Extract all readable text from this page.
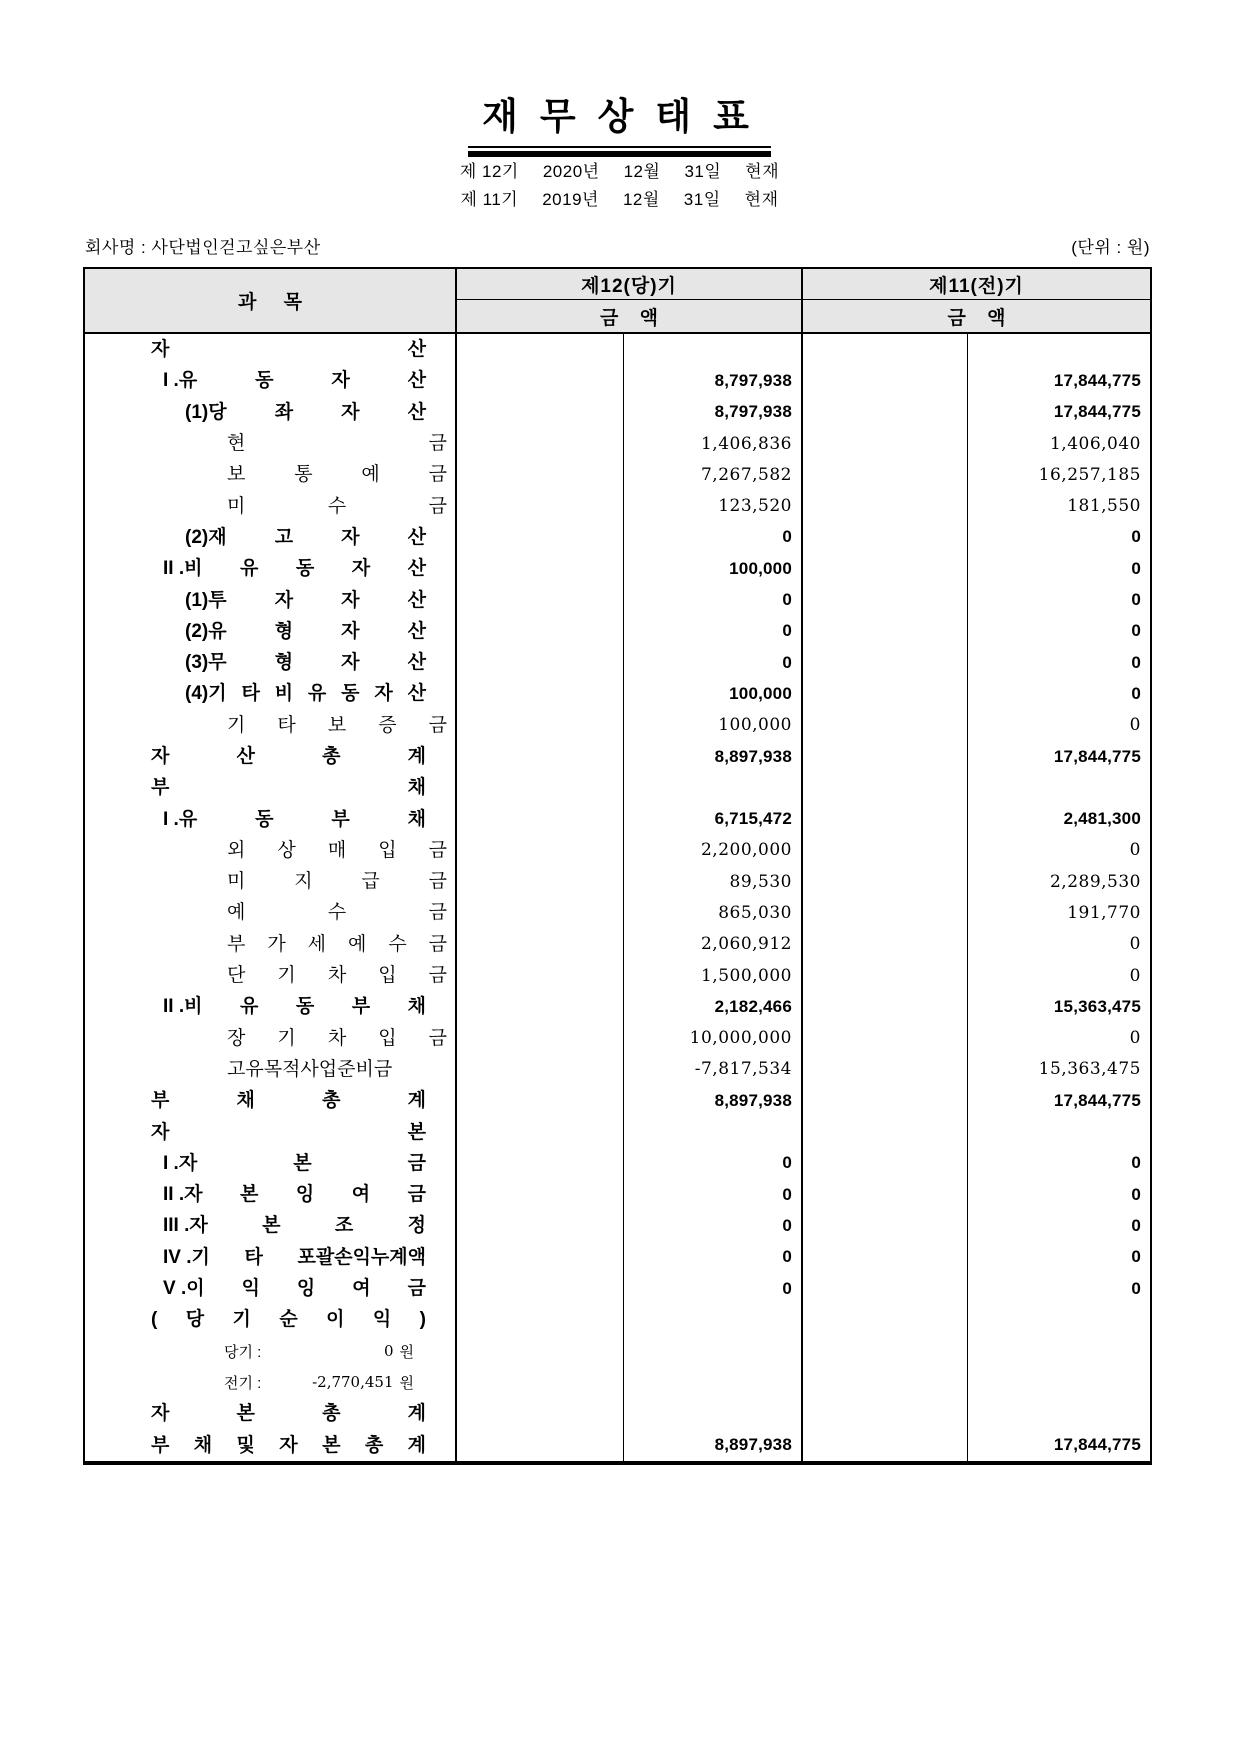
재무상태표
제 12기 2020년 12월 31일 현재
제 11기 2019년 12월 31일 현재
회사명 : 사단법인걷고싶은부산	(단위 : 원)
과 목
제12(당)기	제11(전)기
금 액	금 액
자	산
I .유	동	자	산	8,797,938	17,844,775
(1)당	좌	자	산	8,797,938	17,844,775
현	금	1,406,836	1,406,040
보	통	예	금	7,267,582	16,257,185
미	수	금	123,520	181,550
(2)재	고	자	산	0	0
II .비 유 동 자 산	100,000	0
(1)투	자	자	산	0	0
(2)유	형	자	산	0	0
(3)무	형	자	산	0	0
(4)기 타 비 유 동 자 산	100,000	0
기 타 보 증 금	100,000	0
자	산	총	계	8,897,938	17,844,775
부	채
I .유	동	부	채	6,715,472	2,481,300
외 상 매 입 금	2,200,000	0
미	지	급	금	89,530	2,289,530
예	수	금	865,030	191,770
부 가 세 예 수 금	2,060,912	0
단 기 차 입 금	1,500,000	0
II .비 유 동 부 채	2,182,466	15,363,475
장 기 차 입 금	10,000,000	0
고유목적사업준비금	-7,817,534	15,363,475
부	채	총	계	8,897,938	17,844,775
자	본
I .자	본	금	0	0
II .자 본 잉 여 금	0	0
III .자	본	조	정	0	0
IV .기 타 포괄손익누계액	0	0
V .이 익 잉 여 금	0	0
( 당 기 순 이 익 )
당기 :	0 원
전기 :	-2,770,451 원
자	본	총	계
부 채 및 자 본 총 계	8,897,938	17,844,775
